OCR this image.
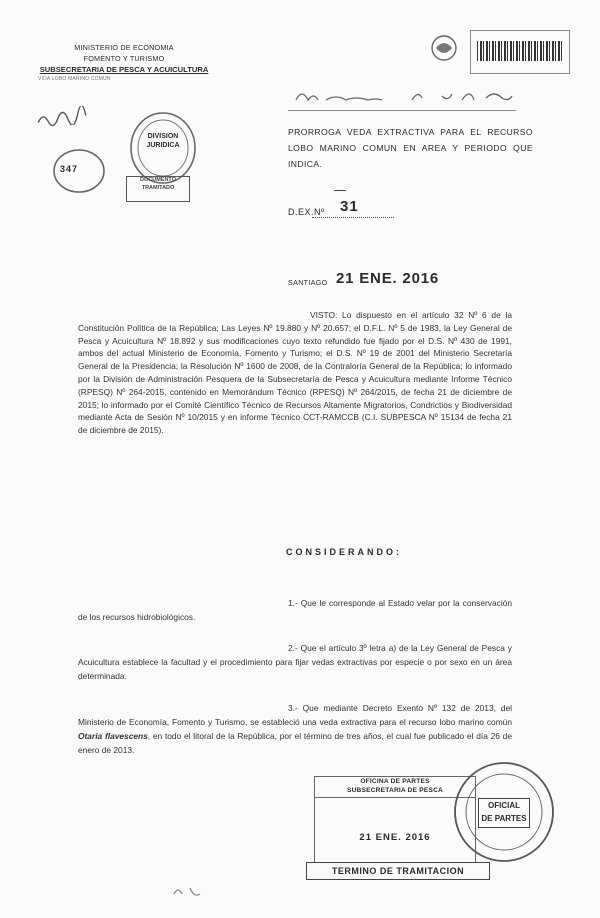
MINISTERIO DE ECONOMIA
FOMENTO Y TURISMO
SUBSECRETARIA DE PESCA Y ACUICULTURA
VIDA LOBO MARINO COMUN
PRORROGA VEDA EXTRACTIVA PARA EL RECURSO LOBO MARINO COMUN EN AREA Y PERIODO QUE INDICA.
D.EX.Nº 31
SANTIAGO 21 ENE. 2016
DIVISION
JURIDICA
347
DOCUMENTO
TRAMITADO

VISTO: Lo dispuesto en el artículo 32 Nº 6 de la Constitución Política de la República; Las Leyes Nº 19.880 y Nº 20.657; el D.F.L. Nº 5 de 1983, la Ley General de Pesca y Acuicultura Nº 18.892 y sus modificaciones cuyo texto refundido fue fijado por el D.S. Nº 430 de 1991, ambos del actual Ministerio de Economía, Fomento y Turismo; el D.S. Nº 19 de 2001 del Ministerio Secretaría General de la Presidencia; la Resolución Nº 1600 de 2008, de la Contraloría General de la República; lo informado por la División de Administración Pesquera de la Subsecretaría de Pesca y Acuicultura mediante Informe Técnico (RPESQ) Nº 264-2015, contenido en Memorándum Técnico (RPESQ) Nº 264/2015, de fecha 21 de diciembre de 2015; lo informado por el Comité Científico Técnico de Recursos Altamente Migratorios, Condrictios y Biodiversidad mediante Acta de Sesión Nº 10/2015 y en informe Técnico CCT-RAMCCB (C.I. SUBPESCA Nº 15134 de fecha 21 de diciembre de 2015).

CONSIDERANDO:

1.- Que le corresponde al Estado velar por la conservación de los recursos hidrobiológicos.

2.- Que el artículo 3º letra a) de la Ley General de Pesca y Acuicultura establece la facultad y el procedimiento para fijar vedas extractivas por especie o por sexo en un área determinada.

3.- Que mediante Decreto Exento Nº 132 de 2013, del Ministerio de Economía, Fomento y Turismo, se estableció una veda extractiva para el recurso lobo marino común Otaria flavescens, en todo el litoral de la República, por el término de tres años, el cual fue publicado el día 26 de enero de 2013.

OFICINA DE PARTES
SUBSECRETARIA DE PESCA
21 ENE. 2016
OFICIAL
DE PARTES
TERMINO DE TRAMITACION
